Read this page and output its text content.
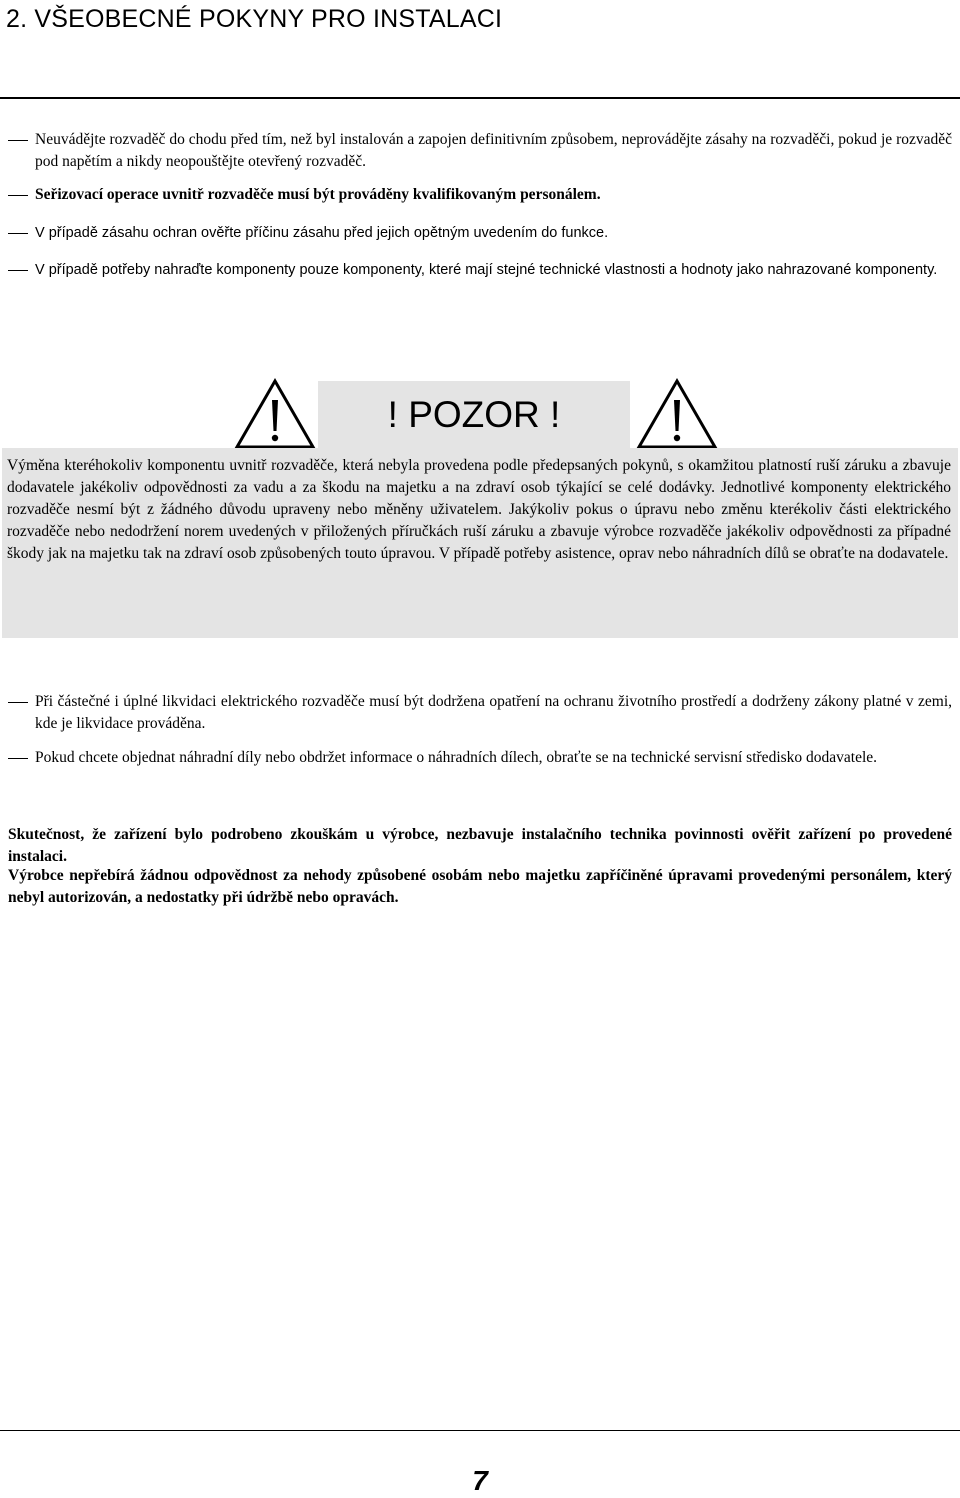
2. VŠEOBECNÉ POKYNY PRO INSTALACI
Neuvádějte rozvaděč do chodu před tím, než byl instalován a zapojen definitivním způsobem, neprovádějte zásahy na rozvaděči, pokud je rozvaděč pod napětím a nikdy neopouštějte otevřený rozvaděč.
Seřizovací operace uvnitř rozvaděče musí být prováděny kvalifikovaným personálem.
V případě zásahu ochran ověřte příčinu zásahu před jejich opětným uvedením do funkce.
V případě potřeby nahraďte komponenty pouze komponenty, které mají stejné technické vlastnosti a hodnoty jako nahrazované komponenty.
! POZOR !
Výměna kteréhokoliv komponentu uvnitř rozvaděče, která nebyla provedena podle předepsaných pokynů, s okamžitou platností ruší záruku a zbavuje dodavatele jakékoliv odpovědnosti za vadu a za škodu na majetku a na zdraví osob týkající se celé dodávky. Jednotlivé komponenty elektrického rozvaděče nesmí být z žádného důvodu upraveny nebo měněny uživatelem. Jakýkoliv pokus o úpravu nebo změnu kterékoliv části elektrického rozvaděče nebo nedodržení norem uvedených v přiložených příručkách ruší záruku a zbavuje výrobce rozvaděče jakékoliv odpovědnosti za případné škody jak na majetku tak na zdraví osob způsobených touto úpravou. V případě potřeby asistence, oprav nebo náhradních dílů se obraťte na dodavatele.
Při částečné i úplné likvidaci elektrického rozvaděče musí být dodržena opatření na ochranu životního prostředí a dodrženy zákony platné v zemi, kde je likvidace prováděna.
Pokud chcete objednat náhradní díly nebo obdržet informace o náhradních dílech, obraťte se na technické servisní středisko dodavatele.
Skutečnost, že zařízení bylo podrobeno zkouškám u výrobce, nezbavuje instalačního technika povinnosti ověřit zařízení po provedené instalaci.
Výrobce nepřebírá žádnou odpovědnost za nehody způsobené osobám nebo majetku zapříčiněné úpravami provedenými personálem, který nebyl autorizován, a nedostatky při údržbě nebo opravách.
7
